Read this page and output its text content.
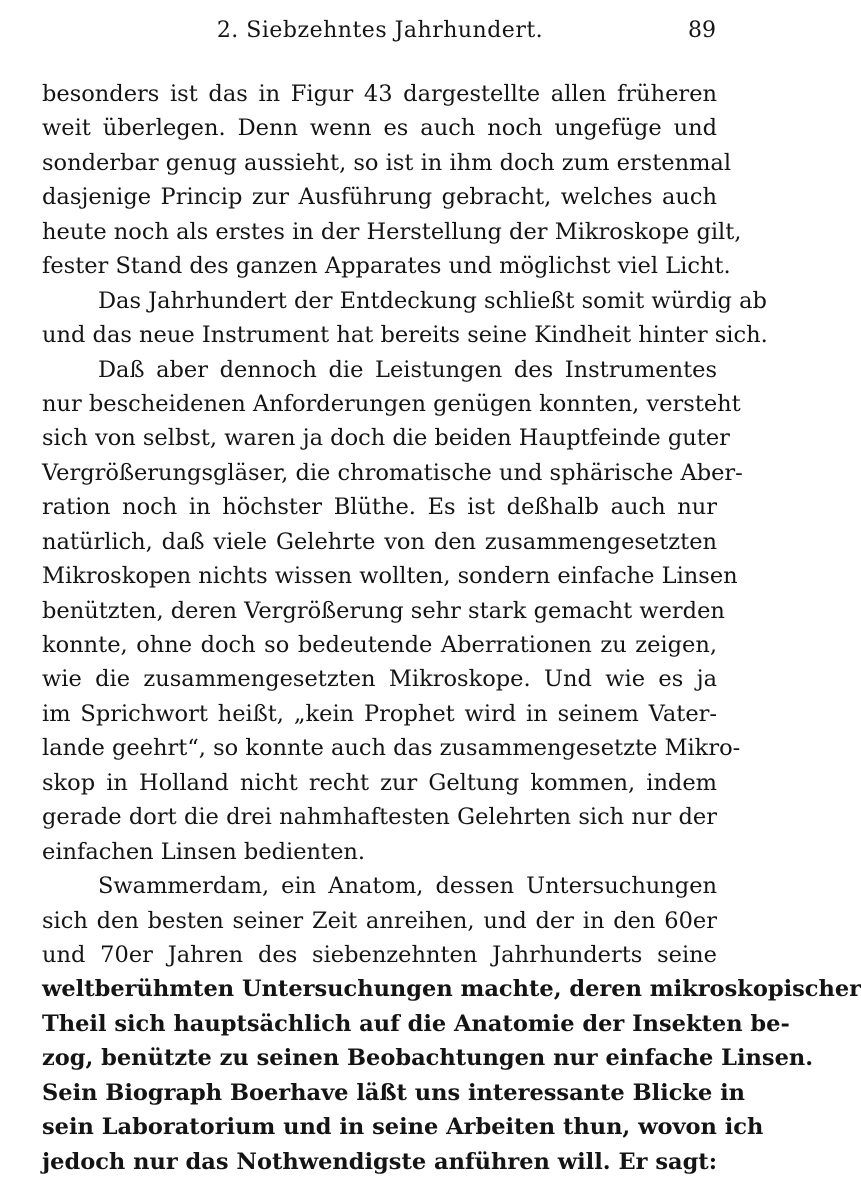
2. Siebzehntes Jahrhundert.	89
besonders ist das in Figur 43 dargestellte allen früheren
weit überlegen. Denn wenn es auch noch ungefüge und
sonderbar genug aussieht, so ist in ihm doch zum erstenmal
dasjenige Princip zur Ausführung gebracht, welches auch
heute noch als erstes in der Herstellung der Mikroskope gilt,
fester Stand des ganzen Apparates und möglichst viel Licht.
Das Jahrhundert der Entdeckung schließt somit würdig ab
und das neue Instrument hat bereits seine Kindheit hinter sich.
Daß aber dennoch die Leistungen des Instrumentes
nur bescheidenen Anforderungen genügen konnten, versteht
sich von selbst, waren ja doch die beiden Hauptfeinde guter
Vergrößerungsgläser, die chromatische und sphärische Aber-
ration noch in höchster Blüthe. Es ist deßhalb auch nur
natürlich, daß viele Gelehrte von den zusammengesetzten
Mikroskopen nichts wissen wollten, sondern einfache Linsen
benützten, deren Vergrößerung sehr stark gemacht werden
konnte, ohne doch so bedeutende Aberrationen zu zeigen,
wie die zusammengesetzten Mikroskope. Und wie es ja
im Sprichwort heißt, „kein Prophet wird in seinem Vater-
lande geehrt“, so konnte auch das zusammengesetzte Mikro-
skop in Holland nicht recht zur Geltung kommen, indem
gerade dort die drei nahmhaftesten Gelehrten sich nur der
einfachen Linsen bedienten.
Swammerdam, ein Anatom, dessen Untersuchungen
sich den besten seiner Zeit anreihen, und der in den 60er
und 70er Jahren des siebenzehnten Jahrhunderts seine
weltberühmten Untersuchungen machte, deren mikroskopischer
Theil sich hauptsächlich auf die Anatomie der Insekten be-
zog, benützte zu seinen Beobachtungen nur einfache Linsen.
Sein Biograph Boerhave läßt uns interessante Blicke in
sein Laboratorium und in seine Arbeiten thun, wovon ich
jedoch nur das Nothwendigste anführen will. Er sagt:
